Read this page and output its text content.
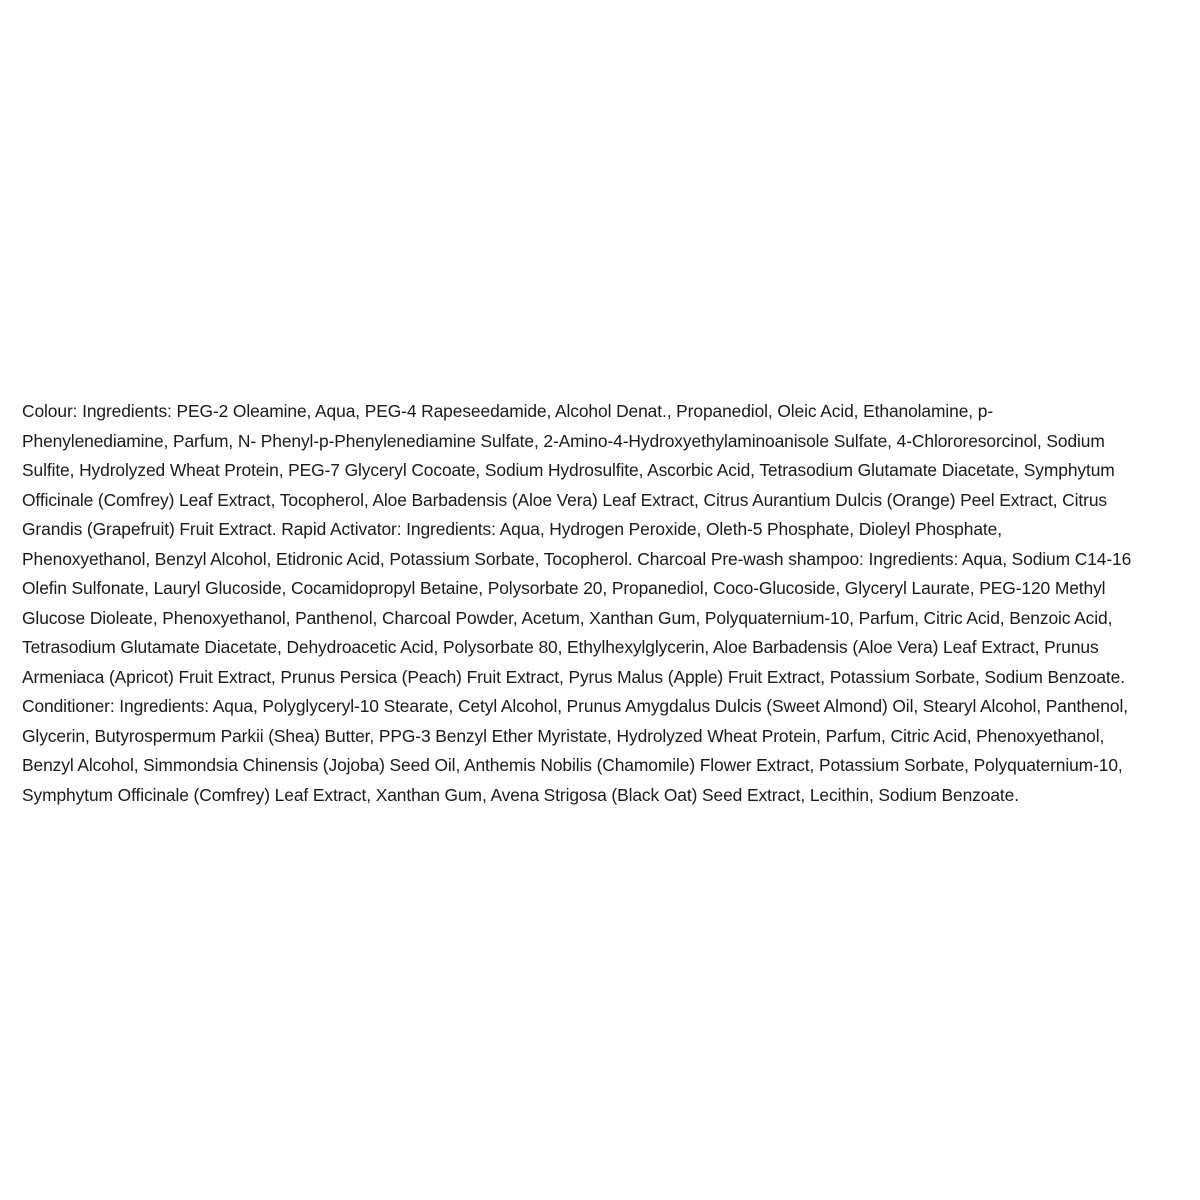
Colour: Ingredients: PEG-2 Oleamine, Aqua, PEG-4 Rapeseedamide, Alcohol Denat., Propanediol, Oleic Acid, Ethanolamine, p-
Phenylenediamine, Parfum, N- Phenyl-p-Phenylenediamine Sulfate, 2-Amino-4-Hydroxyethylaminoanisole Sulfate, 4-Chlororesorcinol, Sodium
Sulfite, Hydrolyzed Wheat Protein, PEG-7 Glyceryl Cocoate, Sodium Hydrosulfite, Ascorbic Acid, Tetrasodium Glutamate Diacetate, Symphytum
Officinale (Comfrey) Leaf Extract, Tocopherol, Aloe Barbadensis (Aloe Vera) Leaf Extract, Citrus Aurantium Dulcis (Orange) Peel Extract, Citrus
Grandis (Grapefruit) Fruit Extract. Rapid Activator: Ingredients: Aqua, Hydrogen Peroxide, Oleth-5 Phosphate, Dioleyl Phosphate,
Phenoxyethanol, Benzyl Alcohol, Etidronic Acid, Potassium Sorbate, Tocopherol. Charcoal Pre-wash shampoo: Ingredients: Aqua, Sodium C14-16
Olefin Sulfonate, Lauryl Glucoside, Cocamidopropyl Betaine, Polysorbate 20, Propanediol, Coco-Glucoside, Glyceryl Laurate, PEG-120 Methyl
Glucose Dioleate, Phenoxyethanol, Panthenol, Charcoal Powder, Acetum, Xanthan Gum, Polyquaternium-10, Parfum, Citric Acid, Benzoic Acid,
Tetrasodium Glutamate Diacetate, Dehydroacetic Acid, Polysorbate 80, Ethylhexylglycerin, Aloe Barbadensis (Aloe Vera) Leaf Extract, Prunus
Armeniaca (Apricot) Fruit Extract, Prunus Persica (Peach) Fruit Extract, Pyrus Malus (Apple) Fruit Extract, Potassium Sorbate, Sodium Benzoate.
Conditioner: Ingredients: Aqua, Polyglyceryl-10 Stearate, Cetyl Alcohol, Prunus Amygdalus Dulcis (Sweet Almond) Oil, Stearyl Alcohol, Panthenol,
Glycerin, Butyrospermum Parkii (Shea) Butter, PPG-3 Benzyl Ether Myristate, Hydrolyzed Wheat Protein, Parfum, Citric Acid, Phenoxyethanol,
Benzyl Alcohol, Simmondsia Chinensis (Jojoba) Seed Oil, Anthemis Nobilis (Chamomile) Flower Extract, Potassium Sorbate, Polyquaternium-10,
Symphytum Officinale (Comfrey) Leaf Extract, Xanthan Gum, Avena Strigosa (Black Oat) Seed Extract, Lecithin, Sodium Benzoate.
